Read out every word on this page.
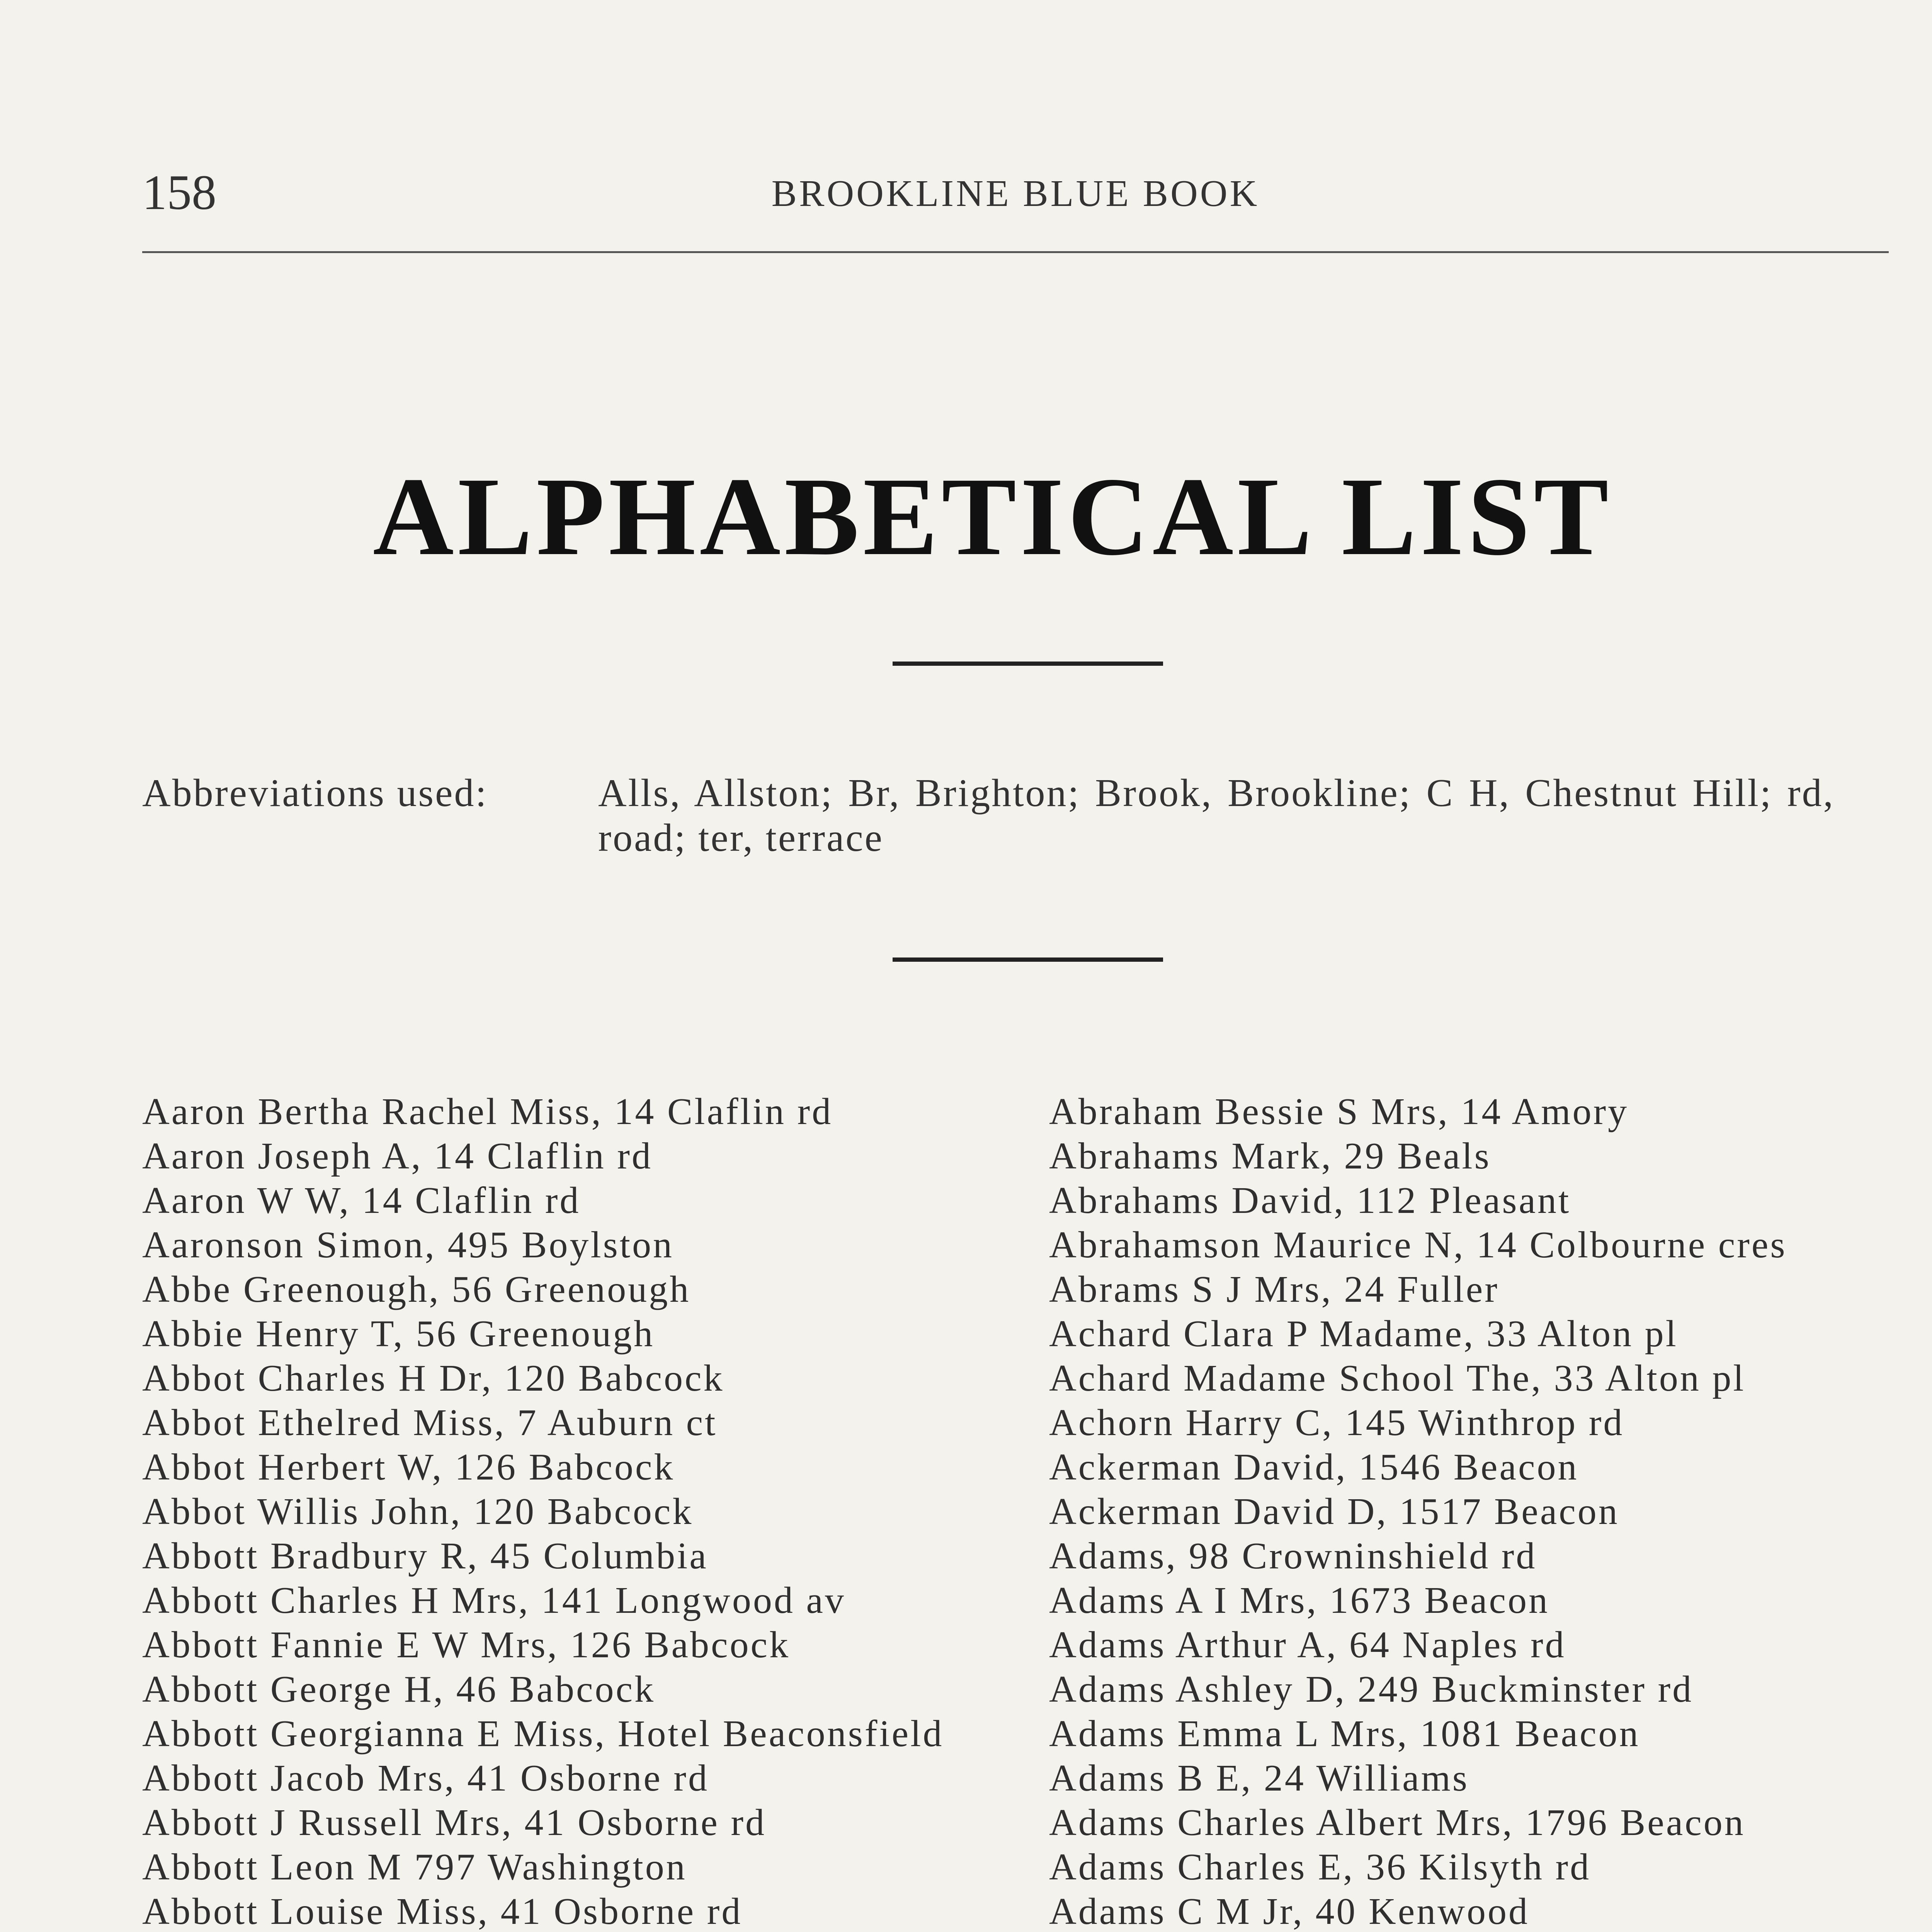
158	BROOKLINE BLUE BOOK
ALPHABETICAL LIST
Abbreviations used:	Alls, Allston; Br, Brighton; Brook, Brookline; C H, Chestnut Hill; rd, road; ter, terrace

Aaron Bertha Rachel Miss, 14 Claflin rd

Aaron Joseph A, 14 Claflin rd

Aaron W W, 14 Claflin rd

Aaronson Simon, 495 Boylston

Abbe Greenough, 56 Greenough

Abbie Henry T, 56 Greenough

Abbot Charles H Dr, 120 Babcock

Abbot Ethelred Miss, 7 Auburn ct

Abbot Herbert W, 126 Babcock

Abbot Willis John, 120 Babcock

Abbott Bradbury R, 45 Columbia

Abbott Charles H Mrs, 141 Longwood av

Abbott Fannie E W Mrs, 126 Babcock

Abbott George H, 46 Babcock

Abbott Georgianna E Miss, Hotel Beaconsfield

Abbott Jacob Mrs, 41 Osborne rd

Abbott J Russell Mrs, 41 Osborne rd

Abbott Leon M 797 Washington

Abbott Louise Miss, 41 Osborne rd

Abraham Bessie S Mrs, 14 Amory

Abrahams Mark, 29 Beals

Abrahams David, 112 Pleasant

Abrahamson Maurice N, 14 Colbourne cres

Abrams S J Mrs, 24 Fuller

Achard Clara P Madame, 33 Alton pl

Achard Madame School The, 33 Alton pl

Achorn Harry C, 145 Winthrop rd

Ackerman David, 1546 Beacon

Ackerman David D, 1517 Beacon

Adams, 98 Crowninshield rd

Adams A I Mrs, 1673 Beacon

Adams Arthur A, 64 Naples rd

Adams Ashley D, 249 Buckminster rd

Adams Emma L Mrs, 1081 Beacon

Adams B E, 24 Williams

Adams Charles Albert Mrs, 1796 Beacon

Adams Charles E, 36 Kilsyth rd

Adams C M Jr, 40 Kenwood
